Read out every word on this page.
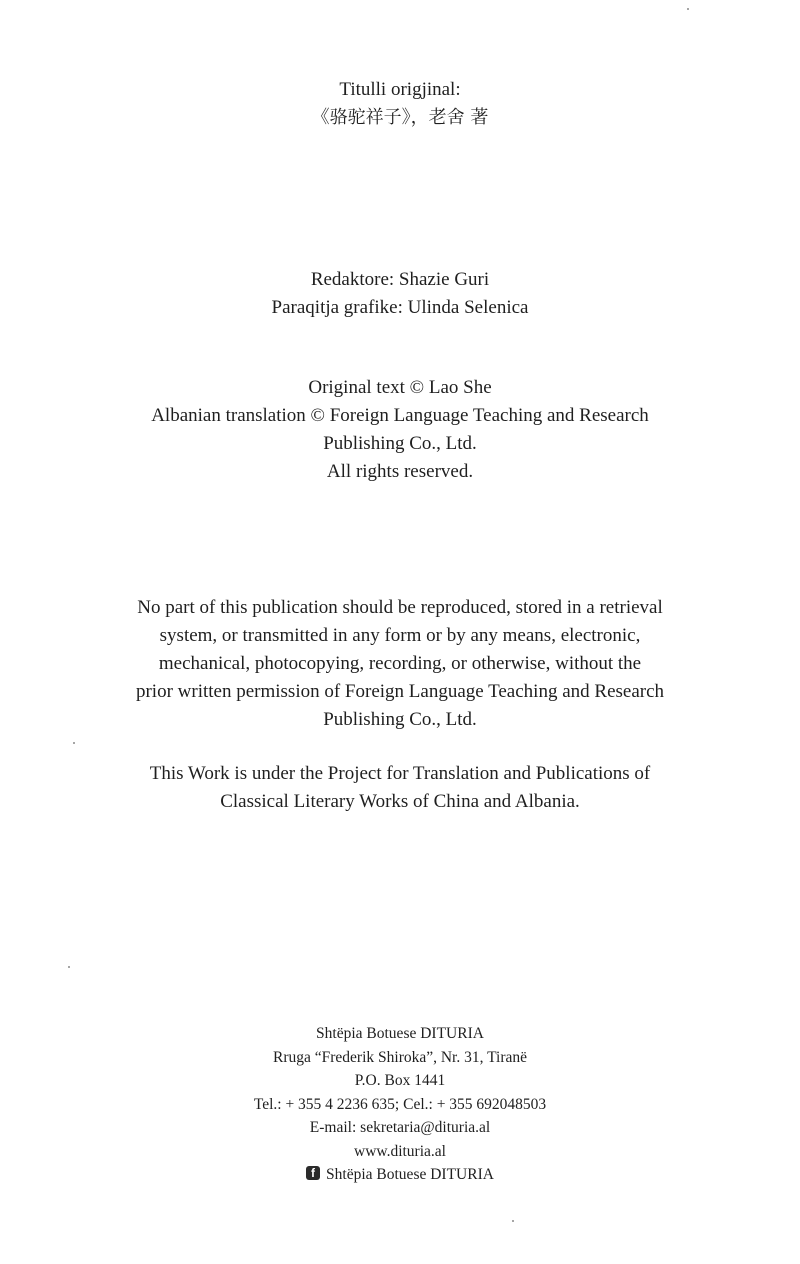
Titulli origjinal:
《骆驼祥子》，老舍 著
Redaktore: Shazie Guri
Paraqitja grafike: Ulinda Selenica
Original text © Lao She
Albanian translation © Foreign Language Teaching and Research
Publishing Co., Ltd.
All rights reserved.
No part of this publication should be reproduced, stored in a retrieval
system, or transmitted in any form or by any means, electronic,
mechanical, photocopying, recording, or otherwise, without the
prior written permission of Foreign Language Teaching and Research
Publishing Co., Ltd.
This Work is under the Project for Translation and Publications of
Classical Literary Works of China and Albania.
Shtëpia Botuese DITURIA
Rruga “Frederik Shiroka”, Nr. 31, Tiranë
P.O. Box 1441
Tel.: + 355 4 2236 635; Cel.: + 355 692048503
E-mail: sekretaria@dituria.al
www.dituria.al
f Shtëpia Botuese DITURIA
